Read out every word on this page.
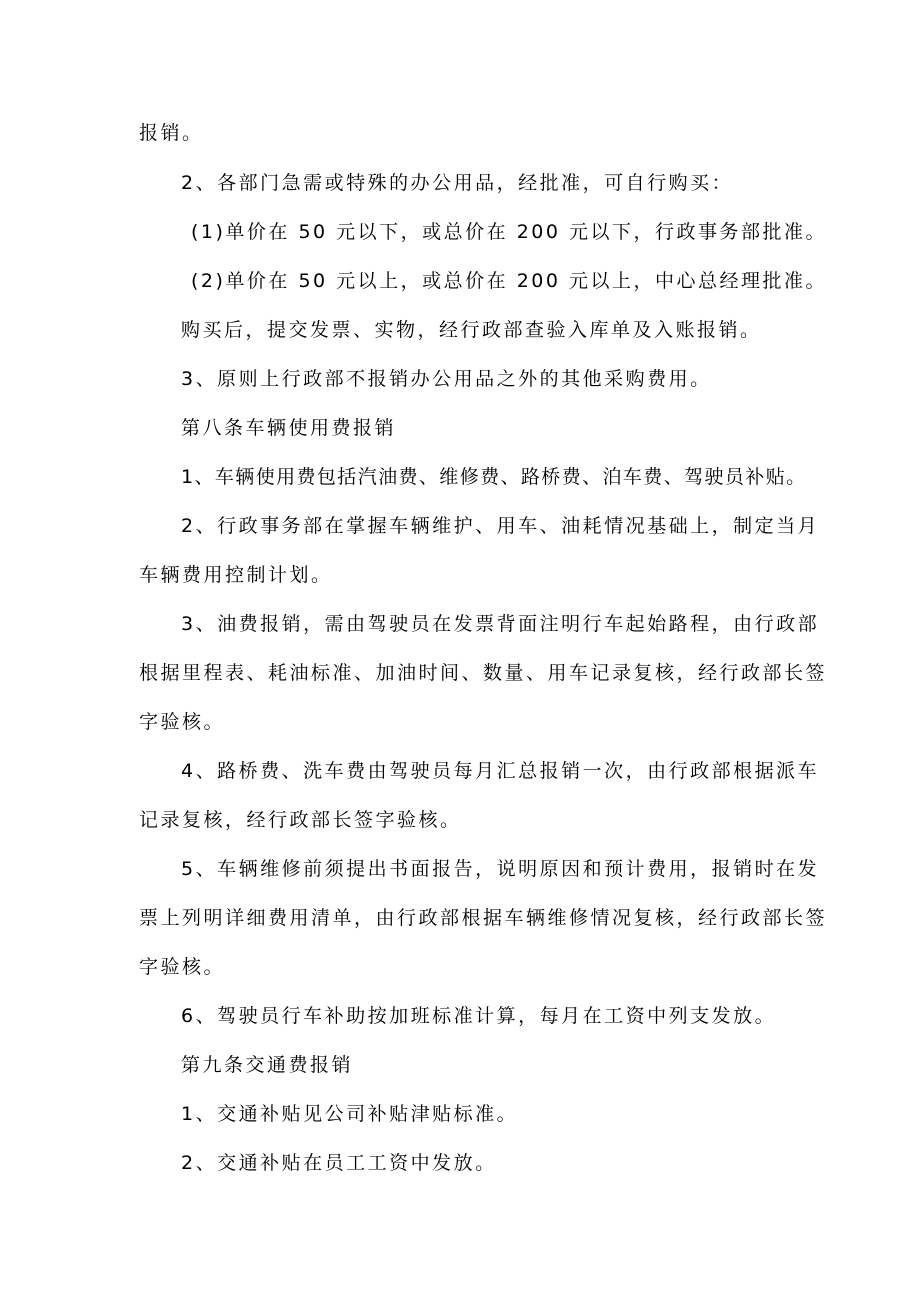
报销。
2、各部门急需或特殊的办公用品，经批准，可自行购买：
(1)单价在 50 元以下，或总价在 200 元以下，行政事务部批准。
(2)单价在 50 元以上，或总价在 200 元以上，中心总经理批准。
购买后，提交发票、实物，经行政部查验入库单及入账报销。
3、原则上行政部不报销办公用品之外的其他采购费用。
第八条车辆使用费报销
1、车辆使用费包括汽油费、维修费、路桥费、泊车费、驾驶员补贴。
2、行政事务部在掌握车辆维护、用车、油耗情况基础上，制定当月
车辆费用控制计划。
3、油费报销，需由驾驶员在发票背面注明行车起始路程，由行政部
根据里程表、耗油标准、加油时间、数量、用车记录复核，经行政部长签
字验核。
4、路桥费、洗车费由驾驶员每月汇总报销一次，由行政部根据派车
记录复核，经行政部长签字验核。
5、车辆维修前须提出书面报告，说明原因和预计费用，报销时在发
票上列明详细费用清单，由行政部根据车辆维修情况复核，经行政部长签
字验核。
6、驾驶员行车补助按加班标准计算，每月在工资中列支发放。
第九条交通费报销
1、交通补贴见公司补贴津贴标准。
2、交通补贴在员工工资中发放。
